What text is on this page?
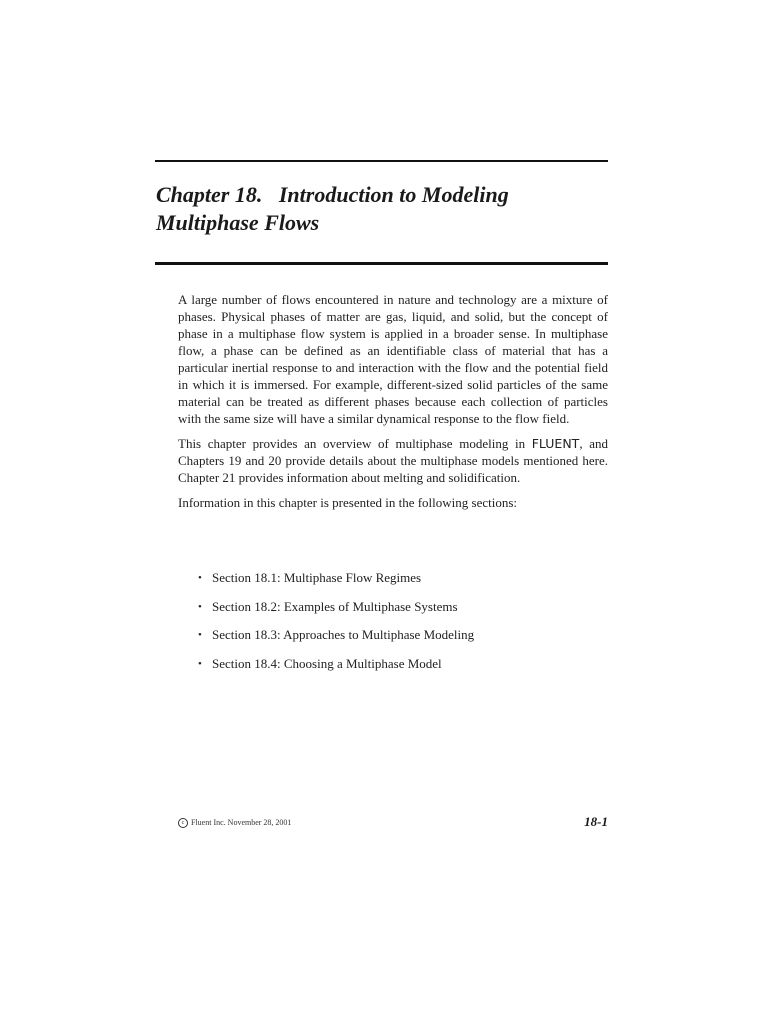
Chapter 18. Introduction to Modeling
Multiphase Flows

A large number of flows encountered in nature and technology are a mixture of phases. Physical phases of matter are gas, liquid, and solid, but the concept of phase in a multiphase flow system is applied in a broader sense. In multiphase flow, a phase can be defined as an identifiable class of material that has a particular inertial response to and interaction with the flow and the potential field in which it is immersed. For example, different-sized solid particles of the same material can be treated as different phases because each collection of particles with the same size will have a similar dynamical response to the flow field.

This chapter provides an overview of multiphase modeling in FLUENT, and Chapters 19 and 20 provide details about the multiphase models mentioned here. Chapter 21 provides information about melting and solidification.

Information in this chapter is presented in the following sections:

• Section 18.1: Multiphase Flow Regimes
• Section 18.2: Examples of Multiphase Systems
• Section 18.3: Approaches to Multiphase Modeling
• Section 18.4: Choosing a Multiphase Model
c Fluent Inc. November 28, 2001	18-1
